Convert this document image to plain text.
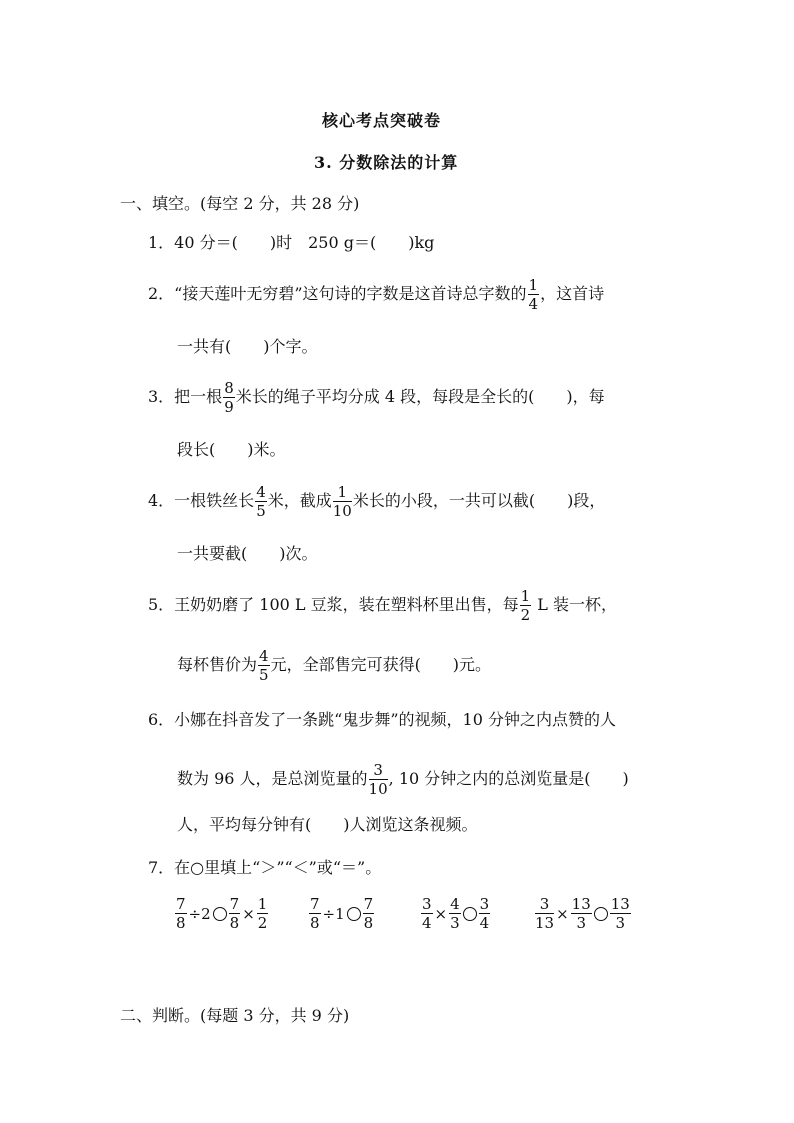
核心考点突破卷
3. 分数除法的计算
一、填空。(每空 2 分，共 28 分)
1．40 分＝(　　)时　250 g＝(　　)kg
2．“接天莲叶无穷碧”这句诗的字数是这首诗总字数的 $\frac{1}{4}$ ，这首诗
一共有(　　)个字。
3．把一根 $\frac{8}{9}$ 米长的绳子平均分成 4 段，每段是全长的(　　)，每
段长(　　)米。
4．一根铁丝长 $\frac{4}{5}$ 米，截成 $\frac{1}{10}$ 米长的小段，一共可以截(　　)段，
一共要截(　　)次。
5．王奶奶磨了 100 L 豆浆，装在塑料杯里出售，每 $\frac{1}{2}$ L 装一杯，
每杯售价为 $\frac{4}{5}$ 元，全部售完可获得(　　)元。
6．小娜在抖音发了一条跳“鬼步舞”的视频，10 分钟之内点赞的人
数为 96 人，是总浏览量的 $\frac{3}{10}$ , 10 分钟之内的总浏览量是(　　)
人，平均每分钟有(　　)人浏览这条视频。
7．在○里填上“＞”“＜”或“＝”。
$\frac{7}{8} \div 2 \frac{7}{8} \times \frac{1}{2}$	$\frac{7}{8} \div 1 \frac{7}{8}$	$\frac{3}{4} \times \frac{4}{3} \frac{3}{4}$	$\frac{3}{13} \times \frac{13}{3} \frac{13}{3}$
二、判断。(每题 3 分，共 9 分)
